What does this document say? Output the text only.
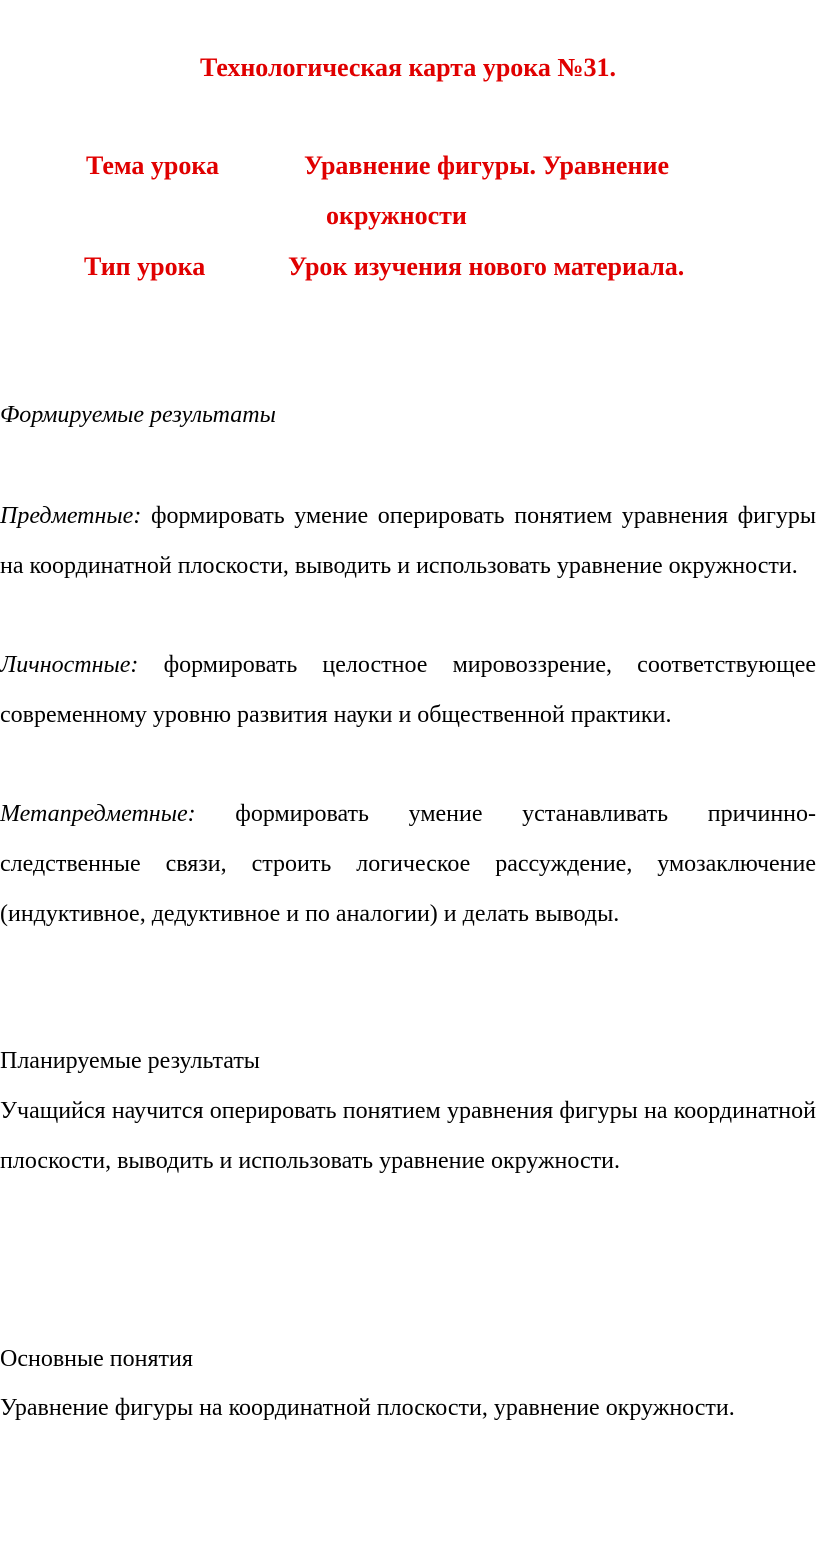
Технологическая карта урока №31.
Тема урока	Уравнение фигуры. Уравнение
окружности
Тип урока	Урок изучения нового материала.
Формируемые результаты
Предметные: формировать умение оперировать понятием уравнения фигуры на координатной плоскости, выводить и использовать уравнение окружности.
Личностные: формировать целостное мировоззрение, соответствующее современному уровню развития науки и общественной практики.
Метапредметные: формировать умение устанавливать причинно-следственные связи, строить логическое рассуждение, умозаключение (индуктивное, дедуктивное и по аналогии) и делать выводы.
Планируемые результаты
Учащийся научится оперировать понятием уравнения фигуры на координатной плоскости, выводить и использовать уравнение окружности.
Основные понятия
Уравнение фигуры на координатной плоскости, уравнение окружности.
